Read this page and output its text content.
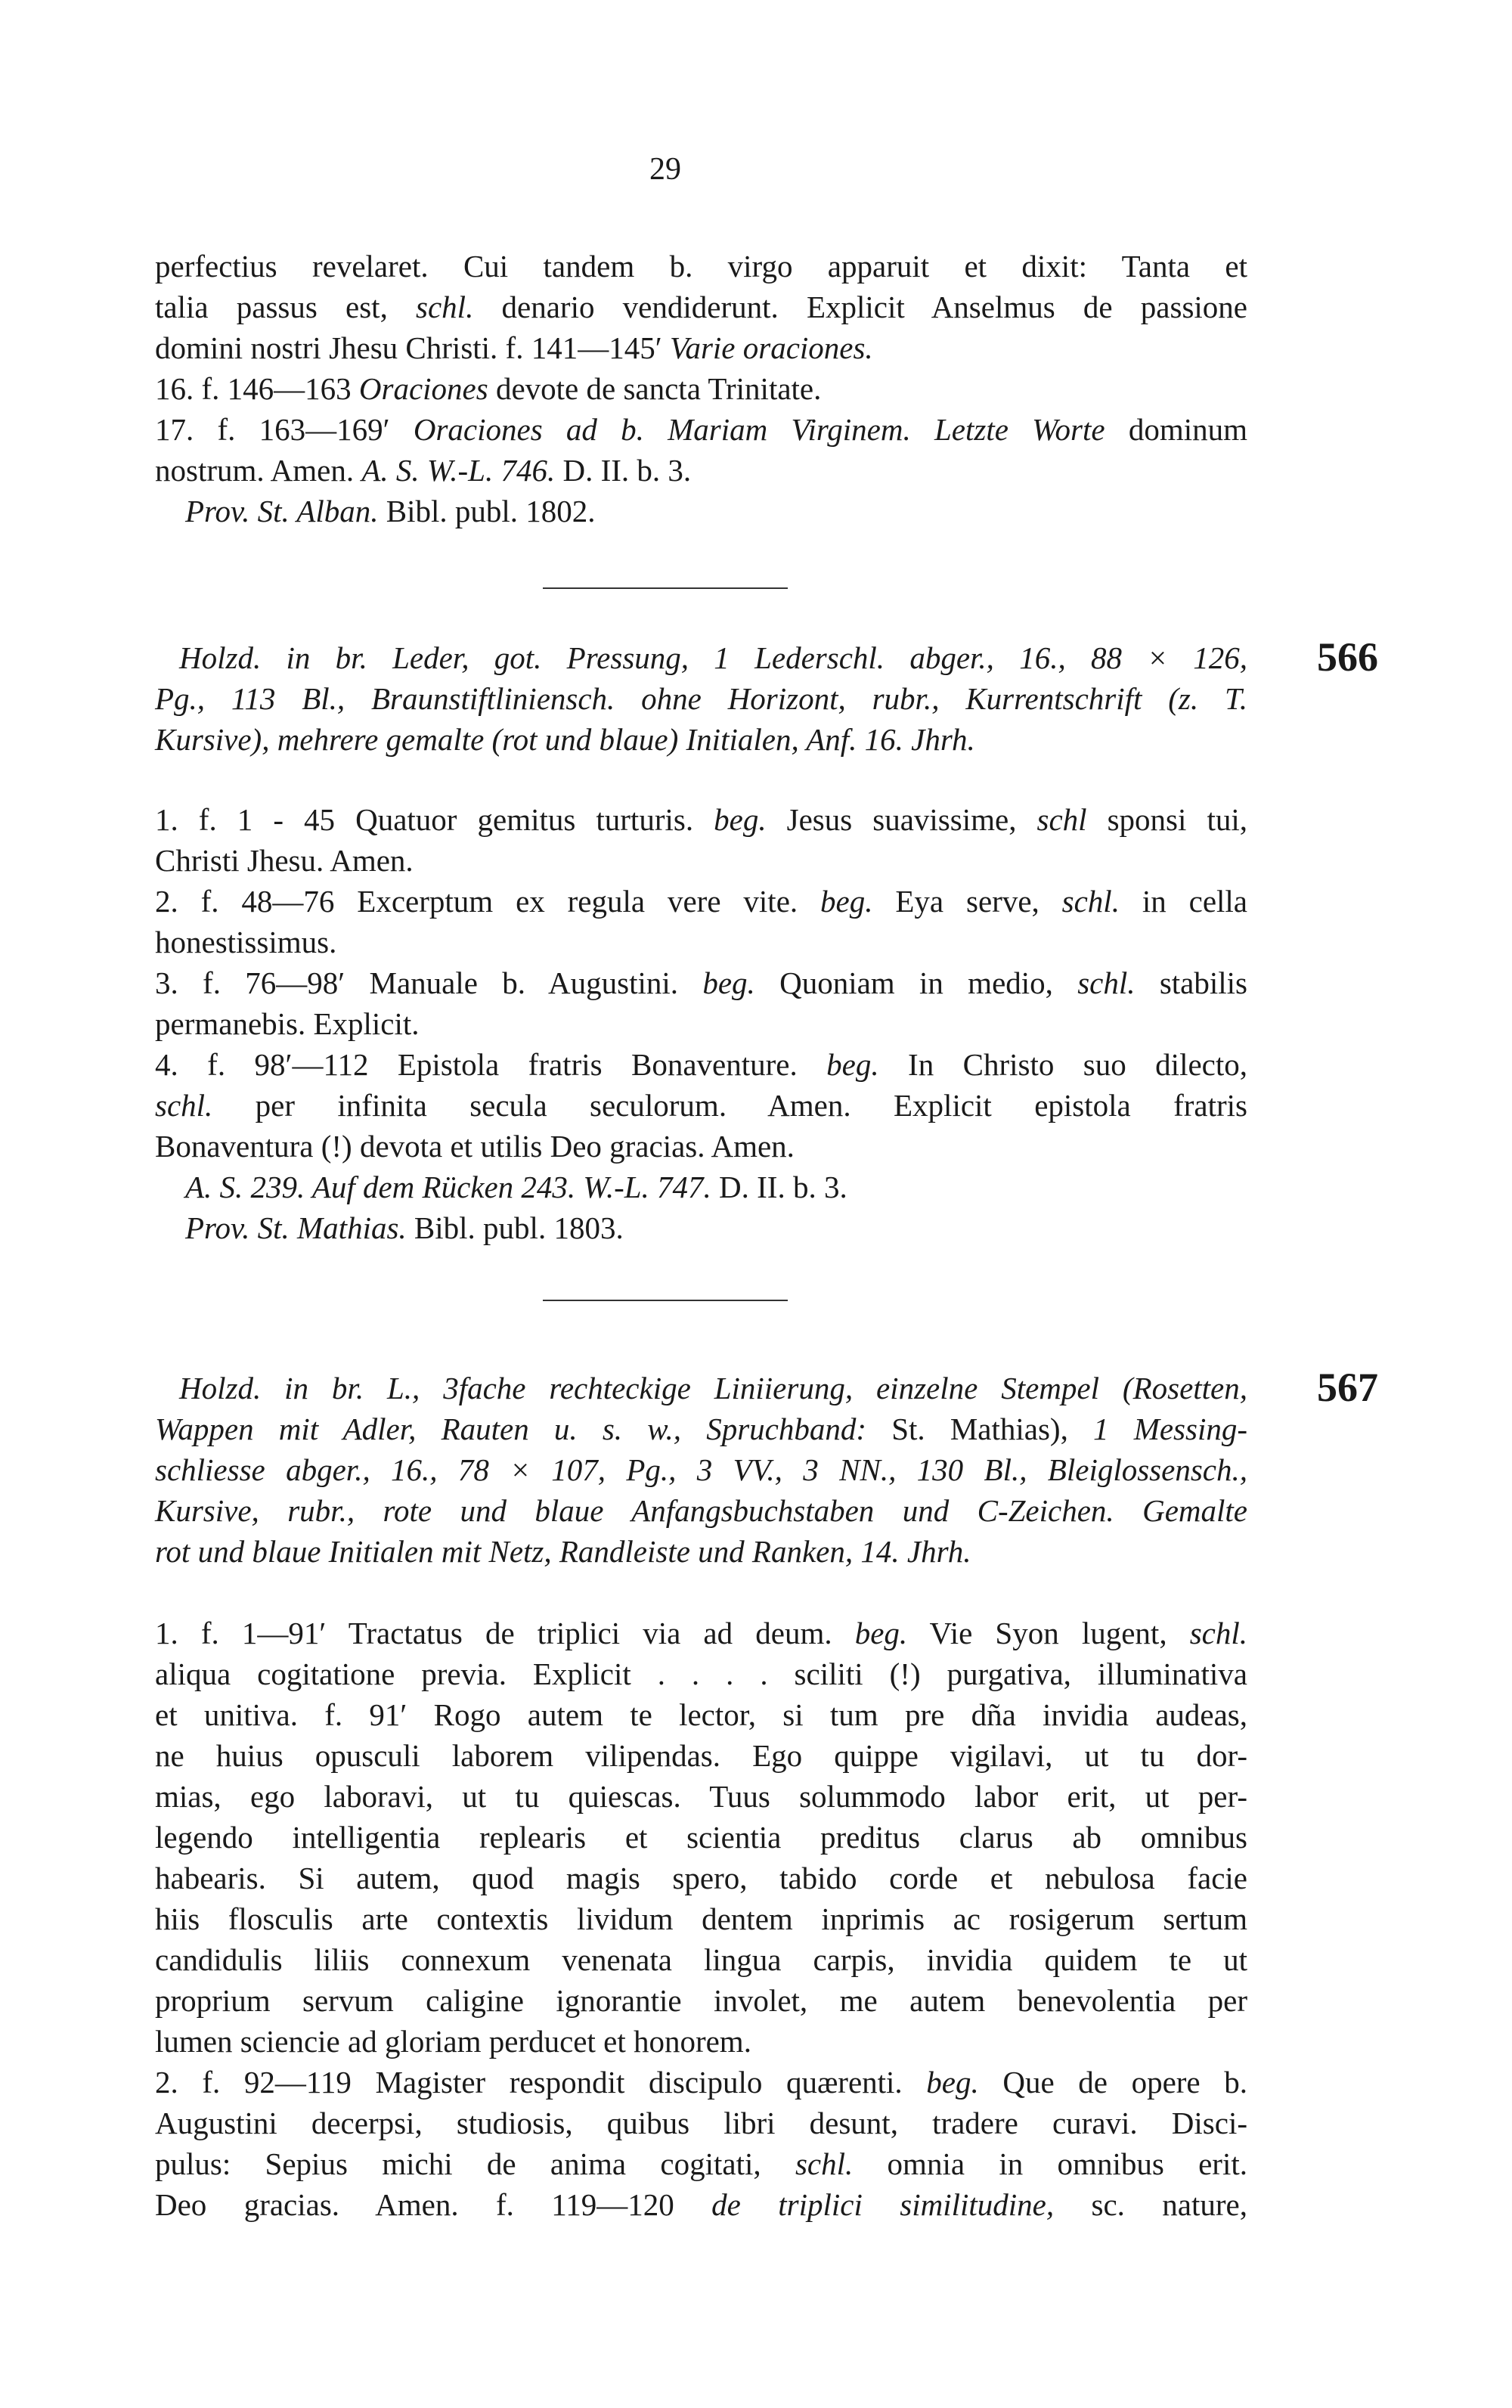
29
perfectius revelaret. Cui tandem b. virgo apparuit et dixit: Tanta et
talia passus est, schl. denario vendiderunt. Explicit Anselmus de passione
domini nostri Jhesu Christi. f. 141—145′ Varie oraciones.
16. f. 146—163 Oraciones devote de sancta Trinitate.
17. f. 163—169′ Oraciones ad b. Mariam Virginem. Letzte Worte dominum
nostrum. Amen. A. S. W.-L. 746. D. II. b. 3.
Prov. St. Alban. Bibl. publ. 1802.
Holzd. in br. Leder, got. Pressung, 1 Lederschl. abger., 16., 88 × 126, 566
Pg., 113 Bl., Braunstiftliniensch. ohne Horizont, rubr., Kurrentschrift (z. T.
Kursive), mehrere gemalte (rot und blaue) Initialen, Anf. 16. Jhrh.
1. f. 1 - 45 Quatuor gemitus turturis. beg. Jesus suavissime, schl sponsi tui,
Christi Jhesu. Amen.
2. f. 48—76 Excerptum ex regula vere vite. beg. Eya serve, schl. in cella
honestissimus.
3. f. 76—98′ Manuale b. Augustini. beg. Quoniam in medio, schl. stabilis
permanebis. Explicit.
4. f. 98′—112 Epistola fratris Bonaventure. beg. In Christo suo dilecto,
schl. per infinita secula seculorum. Amen. Explicit epistola fratris
Bonaventura (!) devota et utilis Deo gracias. Amen.
A. S. 239. Auf dem Rücken 243. W.-L. 747. D. II. b. 3.
Prov. St. Mathias. Bibl. publ. 1803.
Holzd. in br. L., 3fache rechteckige Liniierung, einzelne Stempel (Rosetten, 567
Wappen mit Adler, Rauten u. s. w., Spruchband: St. Mathias), 1 Messing-
schliesse abger., 16., 78 × 107, Pg., 3 VV., 3 NN., 130 Bl., Bleiglossensch.,
Kursive, rubr., rote und blaue Anfangsbuchstaben und C-Zeichen. Gemalte
rot und blaue Initialen mit Netz, Randleiste und Ranken, 14. Jhrh.
1. f. 1—91′ Tractatus de triplici via ad deum. beg. Vie Syon lugent, schl.
aliqua cogitatione previa. Explicit . . . . sciliti (!) purgativa, illuminativa
et unitiva. f. 91′ Rogo autem te lector, si tum pre dña invidia audeas,
ne huius opusculi laborem vilipendas. Ego quippe vigilavi, ut tu dor-
mias, ego laboravi, ut tu quiescas. Tuus solummodo labor erit, ut per-
legendo intelligentia replearis et scientia preditus clarus ab omnibus
habearis. Si autem, quod magis spero, tabido corde et nebulosa facie
hiis flosculis arte contextis lividum dentem inprimis ac rosigerum sertum
candidulis liliis connexum venenata lingua carpis, invidia quidem te ut
proprium servum caligine ignorantie involet, me autem benevolentia per
lumen sciencie ad gloriam perducet et honorem.
2. f. 92—119 Magister respondit discipulo quærenti. beg. Que de opere b.
Augustini decerpsi, studiosis, quibus libri desunt, tradere curavi. Disci-
pulus: Sepius michi de anima cogitati, schl. omnia in omnibus erit.
Deo gracias. Amen. f. 119—120 de triplici similitudine, sc. nature,
